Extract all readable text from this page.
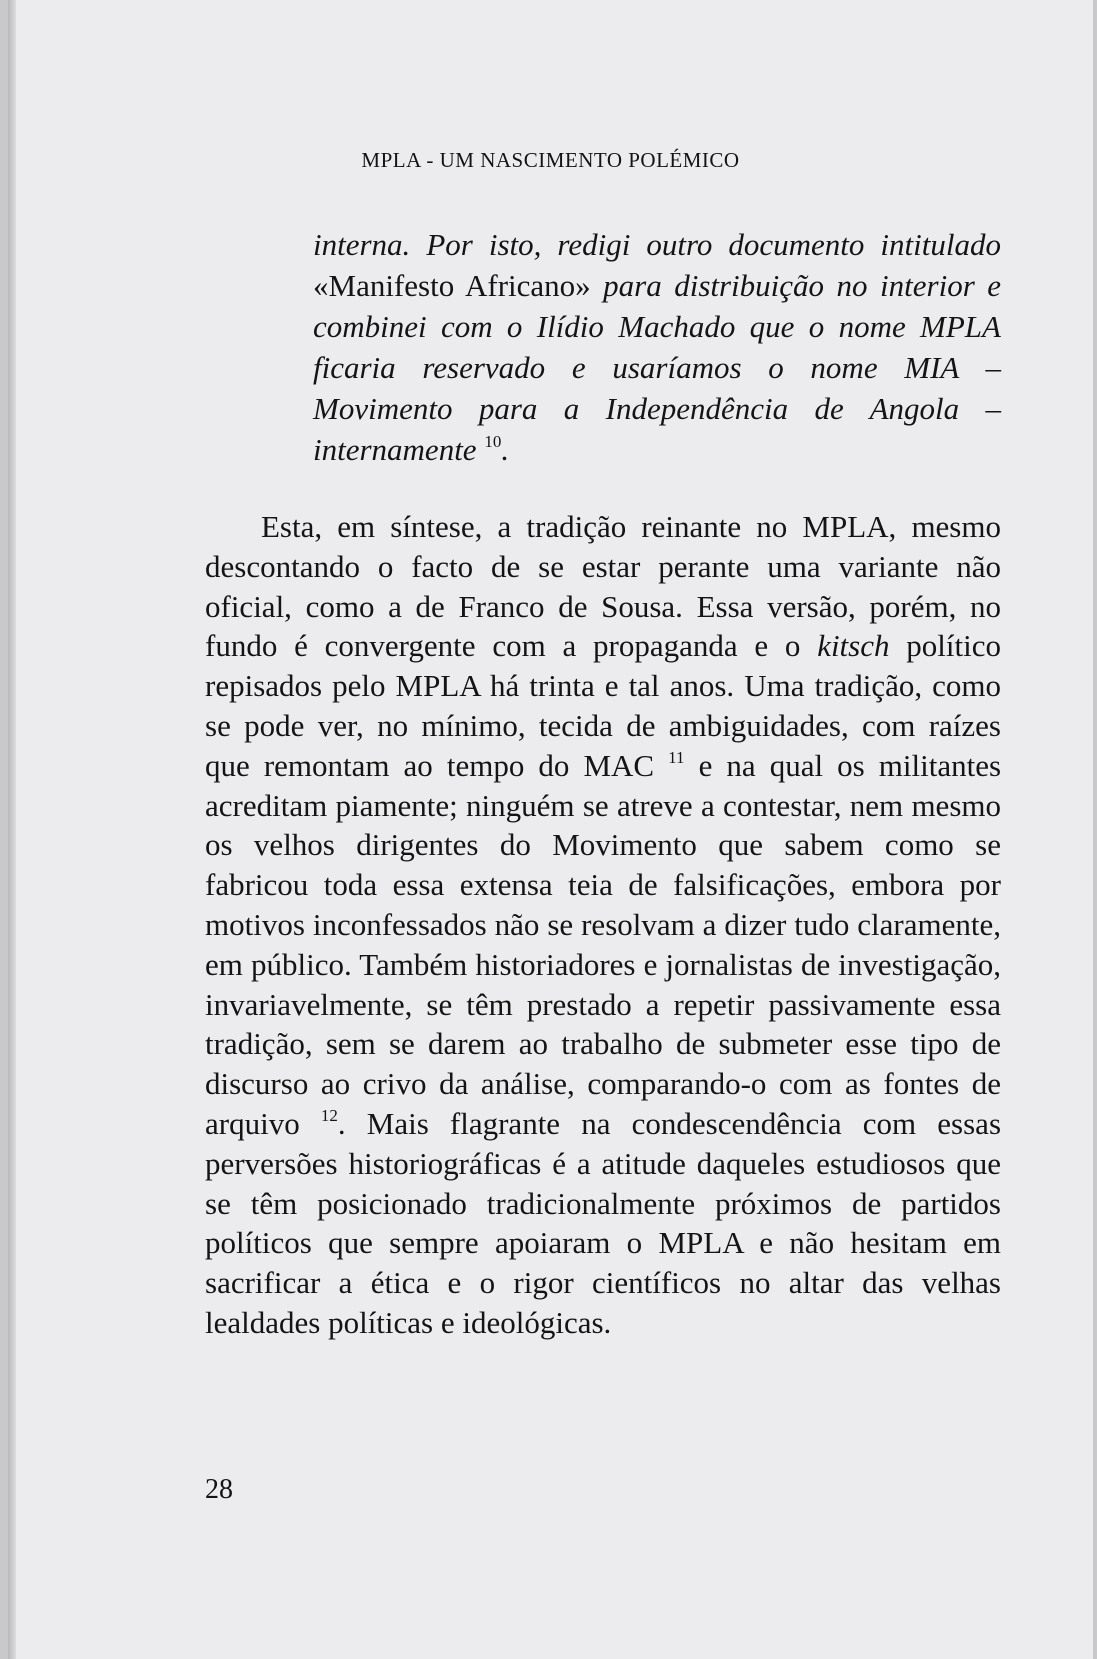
MPLA - UM NASCIMENTO POLÉMICO
interna. Por isto, redigi outro documento intitulado «Manifesto Africano» para distribuição no interior e combinei com o Ilídio Machado que o nome MPLA ficaria reservado e usaríamos o nome MIA – Movimento para a Independência de Angola – internamente $^{10}$.

Esta, em síntese, a tradição reinante no MPLA, mesmo descontando o facto de se estar perante uma variante não oficial, como a de Franco de Sousa. Essa versão, porém, no fundo é convergente com a propaganda e o kitsch político repisados pelo MPLA há trinta e tal anos. Uma tradição, como se pode ver, no mínimo, tecida de ambiguidades, com raízes que remontam ao tempo do MAC $^{11}$ e na qual os militantes acreditam piamente; ninguém se atreve a contestar, nem mesmo os velhos dirigentes do Movimento que sabem como se fabricou toda essa extensa teia de falsificações, embora por motivos inconfessados não se resolvam a dizer tudo claramente, em público. Também historiadores e jornalistas de investigação, invariavelmente, se têm prestado a repetir passivamente essa tradição, sem se darem ao trabalho de submeter esse tipo de discurso ao crivo da análise, comparando-o com as fontes de arquivo $^{12}$. Mais flagrante na condescendência com essas perversões historiográficas é a atitude daqueles estudiosos que se têm posicionado tradicionalmente próximos de partidos políticos que sempre apoiaram o MPLA e não hesitam em sacrificar a ética e o rigor científicos no altar das velhas lealdades políticas e ideológicas.

28
